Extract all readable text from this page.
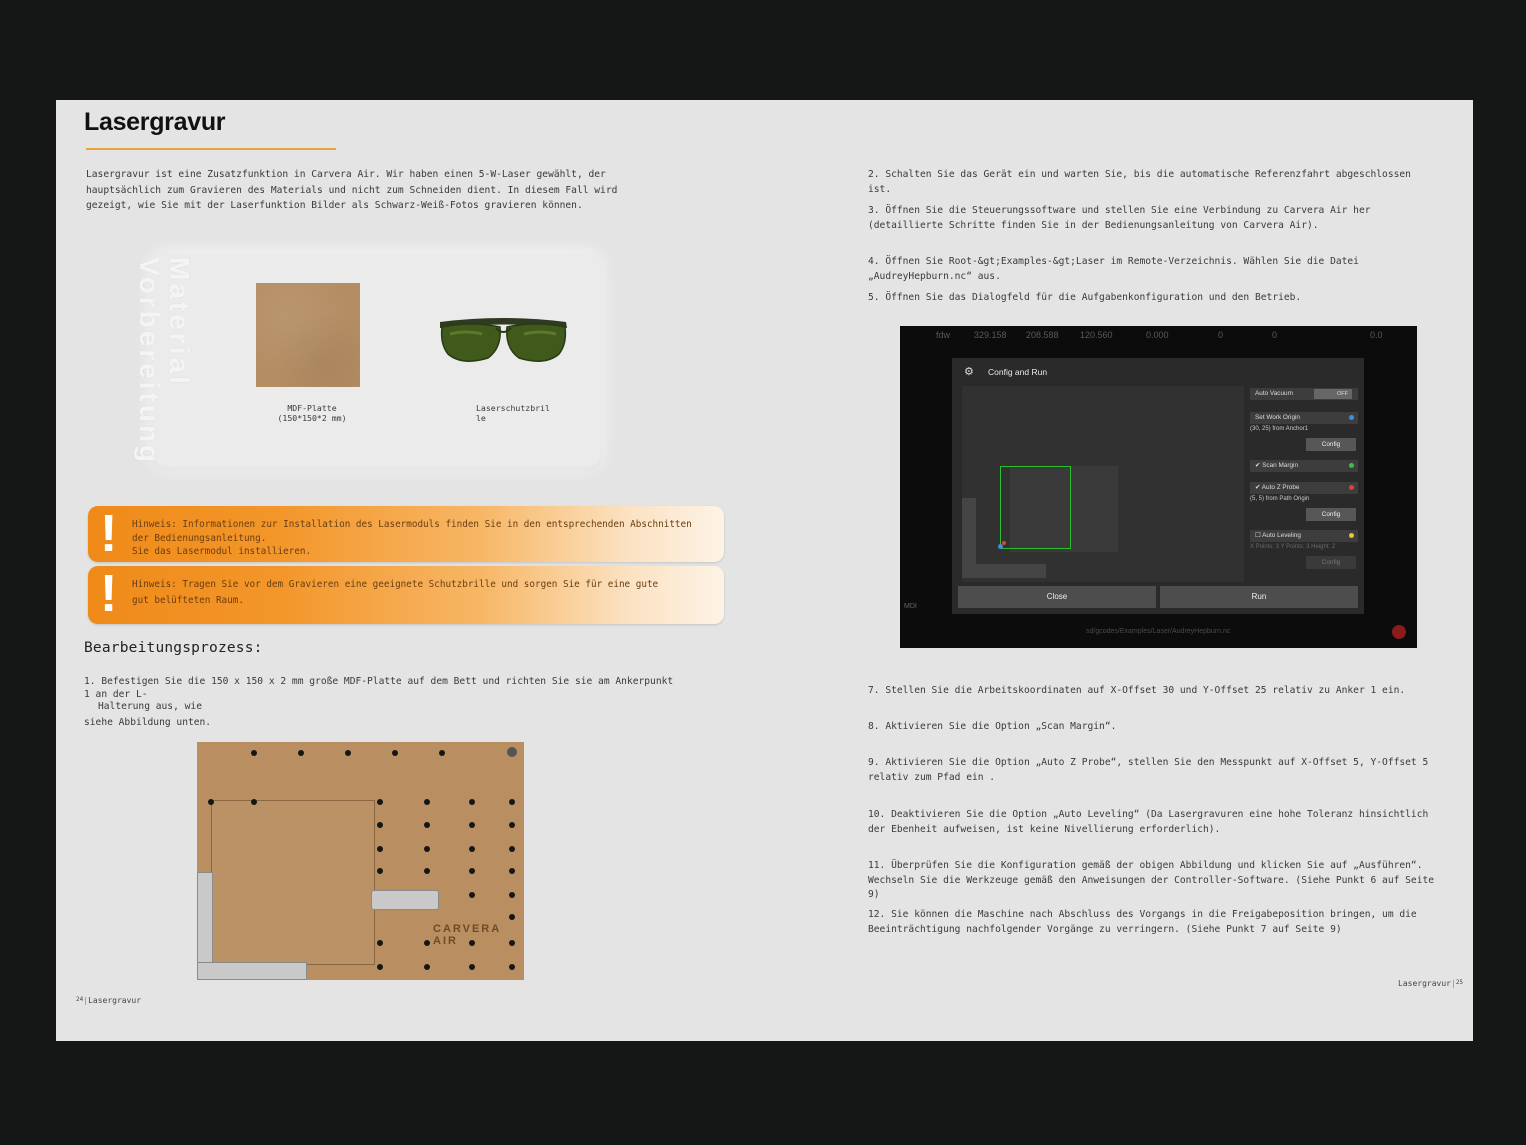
Lasergravur
Lasergravur ist eine Zusatzfunktion in Carvera Air. Wir haben einen 5-W-Laser gewählt, der hauptsächlich zum Gravieren des Materials und nicht zum Schneiden dient. In diesem Fall wird gezeigt, wie Sie mit der Laserfunktion Bilder als Schwarz-Weiß-Fotos gravieren können.
Material Vorbereitung	MDF-Platte
(150*150*2 mm)
Laserschutzbril
le
! Hinweis: Informationen zur Installation des Lasermoduls finden Sie in den entsprechenden Abschnitten
der Bedienungsanleitung.
Sie das Lasermodul installieren.
! Hinweis: Tragen Sie vor dem Gravieren eine geeignete Schutzbrille und sorgen Sie für eine gute
gut belüfteten Raum.
Bearbeitungsprozess:
1. Befestigen Sie die 150 x 150 x 2 mm große MDF-Platte auf dem Bett und richten Sie sie am Ankerpunkt 1 an der L-
Halterung aus, wie
siehe Abbildung unten.
CARVERA AIR
$^{24}$|Lasergravur
2. Schalten Sie das Gerät ein und warten Sie, bis die automatische Referenzfahrt abgeschlossen ist.
3. Öffnen Sie die Steuerungssoftware und stellen Sie eine Verbindung zu Carvera Air her (detaillierte Schritte finden Sie in der Bedienungsanleitung von Carvera Air).
4. Öffnen Sie Root-&gt;Examples-&gt;Laser im Remote-Verzeichnis. Wählen Sie die Datei „AudreyHepburn.nc“ aus.
5. Öffnen Sie das Dialogfeld für die Aufgabenkonfiguration und den Betrieb.
fdw	329.158 208.588 120.560	0.000	0	0	0.0
⚙ Config and Run
Auto Vacuum	OFF
Set Work Origin
(30, 25) from Anchor1
Config
✔ Scan Margin
✔ Auto Z Probe
(5, 5) from Path Origin
Config
☐ Auto Leveling
X Points: 3 Y Points: 3 Height: 2
Config
Close	Run
MDI
sd/gcodes/Examples/Laser/AudreyHepburn.nc
7. Stellen Sie die Arbeitskoordinaten auf X-Offset 30 und Y-Offset 25 relativ zu Anker 1 ein.
8. Aktivieren Sie die Option „Scan Margin“.
9. Aktivieren Sie die Option „Auto Z Probe“, stellen Sie den Messpunkt auf X-Offset 5, Y-Offset 5 relativ zum Pfad ein .
10. Deaktivieren Sie die Option „Auto Leveling“ (Da Lasergravuren eine hohe Toleranz hinsichtlich der Ebenheit aufweisen, ist keine Nivellierung erforderlich).
11. Überprüfen Sie die Konfiguration gemäß der obigen Abbildung und klicken Sie auf „Ausführen“. Wechseln Sie die Werkzeuge gemäß den Anweisungen der Controller-Software. (Siehe Punkt 6 auf Seite 9)
12. Sie können die Maschine nach Abschluss des Vorgangs in die Freigabeposition bringen, um die Beeinträchtigung nachfolgender Vorgänge zu verringern. (Siehe Punkt 7 auf Seite 9)
$Lasergravur|^{25}$
